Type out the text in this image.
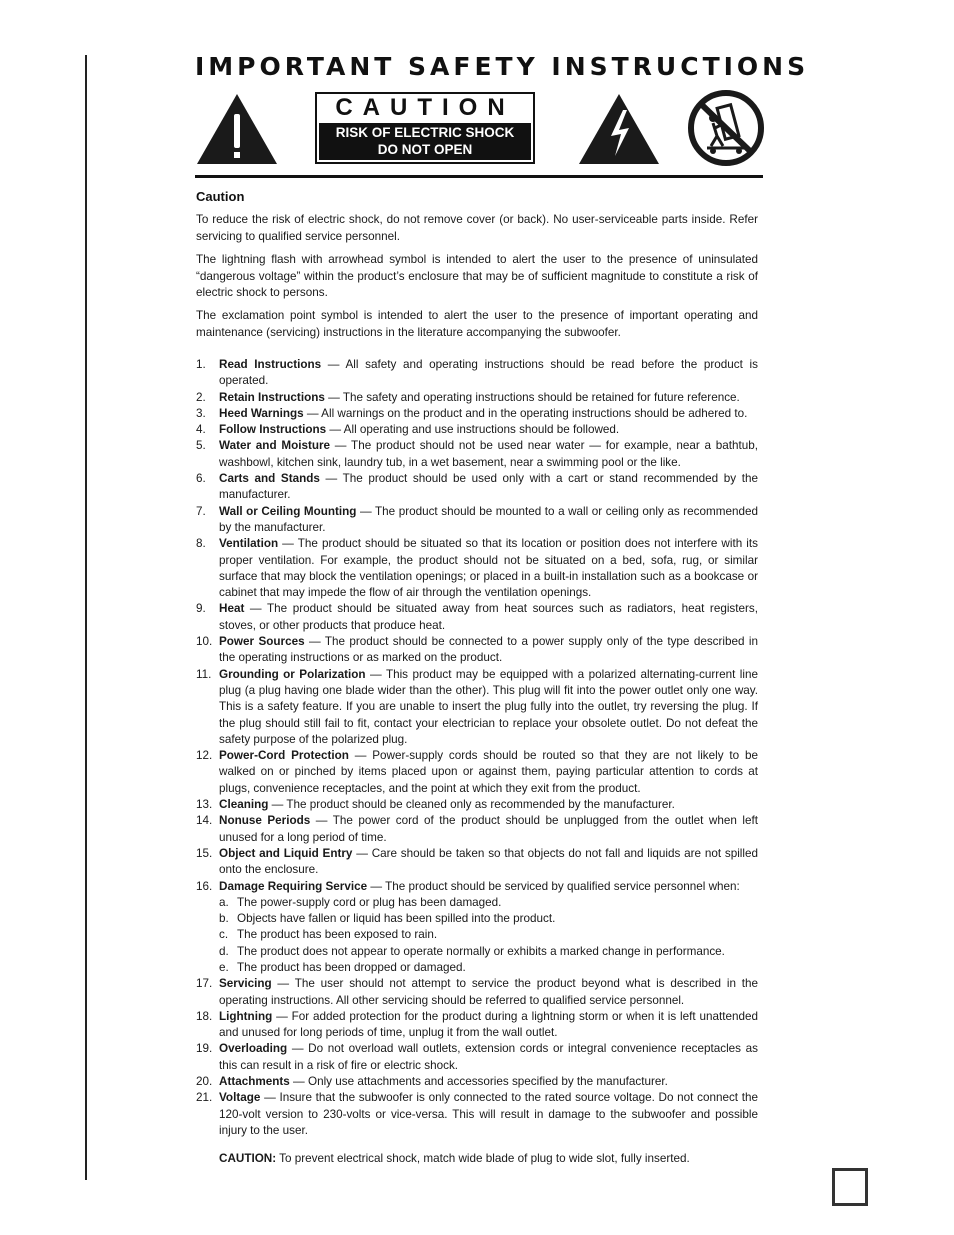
IMPORTANT SAFETY INSTRUCTIONS
CAUTION
RISK OF ELECTRIC SHOCK
DO NOT OPEN
Caution

To reduce the risk of electric shock, do not remove cover (or back). No user-serviceable parts inside. Refer servicing to qualified service personnel.

The lightning flash with arrowhead symbol is intended to alert the user to the presence of uninsulated “dangerous voltage” within the product’s enclosure that may be of sufficient magnitude to constitute a risk of electric shock to persons.

The exclamation point symbol is intended to alert the user to the presence of important operating and maintenance (servicing) instructions in the literature accompanying the subwoofer.

1.	Read Instructions — All safety and operating instructions should be read before the product is operated.
2.	Retain Instructions — The safety and operating instructions should be retained for future reference.
3.	Heed Warnings — All warnings on the product and in the operating instructions should be adhered to.
4.	Follow Instructions — All operating and use instructions should be followed.
5.	Water and Moisture — The product should not be used near water — for example, near a bathtub, washbowl, kitchen sink, laundry tub, in a wet basement, near a swimming pool or the like.
6.	Carts and Stands — The product should be used only with a cart or stand recommended by the manufacturer.
7.	Wall or Ceiling Mounting — The product should be mounted to a wall or ceiling only as recommended by the manufacturer.
8.	Ventilation — The product should be situated so that its location or position does not interfere with its proper ventilation. For example, the product should not be situated on a bed, sofa, rug, or similar surface that may block the ventilation openings; or placed in a built-in installation such as a bookcase or cabinet that may impede the flow of air through the ventilation openings.
9.	Heat — The product should be situated away from heat sources such as radiators, heat registers, stoves, or other products that produce heat.
10. Power Sources — The product should be connected to a power supply only of the type described in the operating instructions or as marked on the product.
11. Grounding or Polarization — This product may be equipped with a polarized alternating-current line plug (a plug having one blade wider than the other). This plug will fit into the power outlet only one way. This is a safety feature. If you are unable to insert the plug fully into the outlet, try reversing the plug. If the plug should still fail to fit, contact your electrician to replace your obsolete outlet. Do not defeat the safety purpose of the polarized plug.
12. Power-Cord Protection — Power-supply cords should be routed so that they are not likely to be walked on or pinched by items placed upon or against them, paying particular attention to cords at plugs, convenience receptacles, and the point at which they exit from the product.
13. Cleaning — The product should be cleaned only as recommended by the manufacturer.
14. Nonuse Periods — The power cord of the product should be unplugged from the outlet when left unused for a long period of time.
15. Object and Liquid Entry — Care should be taken so that objects do not fall and liquids are not spilled onto the enclosure.
16. Damage Requiring Service — The product should be serviced by qualified service personnel when:
a. The power-supply cord or plug has been damaged.
b. Objects have fallen or liquid has been spilled into the product.
c. The product has been exposed to rain.
d. The product does not appear to operate normally or exhibits a marked change in performance.
e. The product has been dropped or damaged.
17. Servicing — The user should not attempt to service the product beyond what is described in the operating instructions. All other servicing should be referred to qualified service personnel.
18. Lightning — For added protection for the product during a lightning storm or when it is left unattended and unused for long periods of time, unplug it from the wall outlet.
19. Overloading — Do not overload wall outlets, extension cords or integral convenience receptacles as this can result in a risk of fire or electric shock.
20. Attachments — Only use attachments and accessories specified by the manufacturer.
21. Voltage — Insure that the subwoofer is only connected to the rated source voltage. Do not connect the 120-volt version to 230-volts or vice-versa. This will result in damage to the subwoofer and possible injury to the user.
CAUTION: To prevent electrical shock, match wide blade of plug to wide slot, fully inserted.
